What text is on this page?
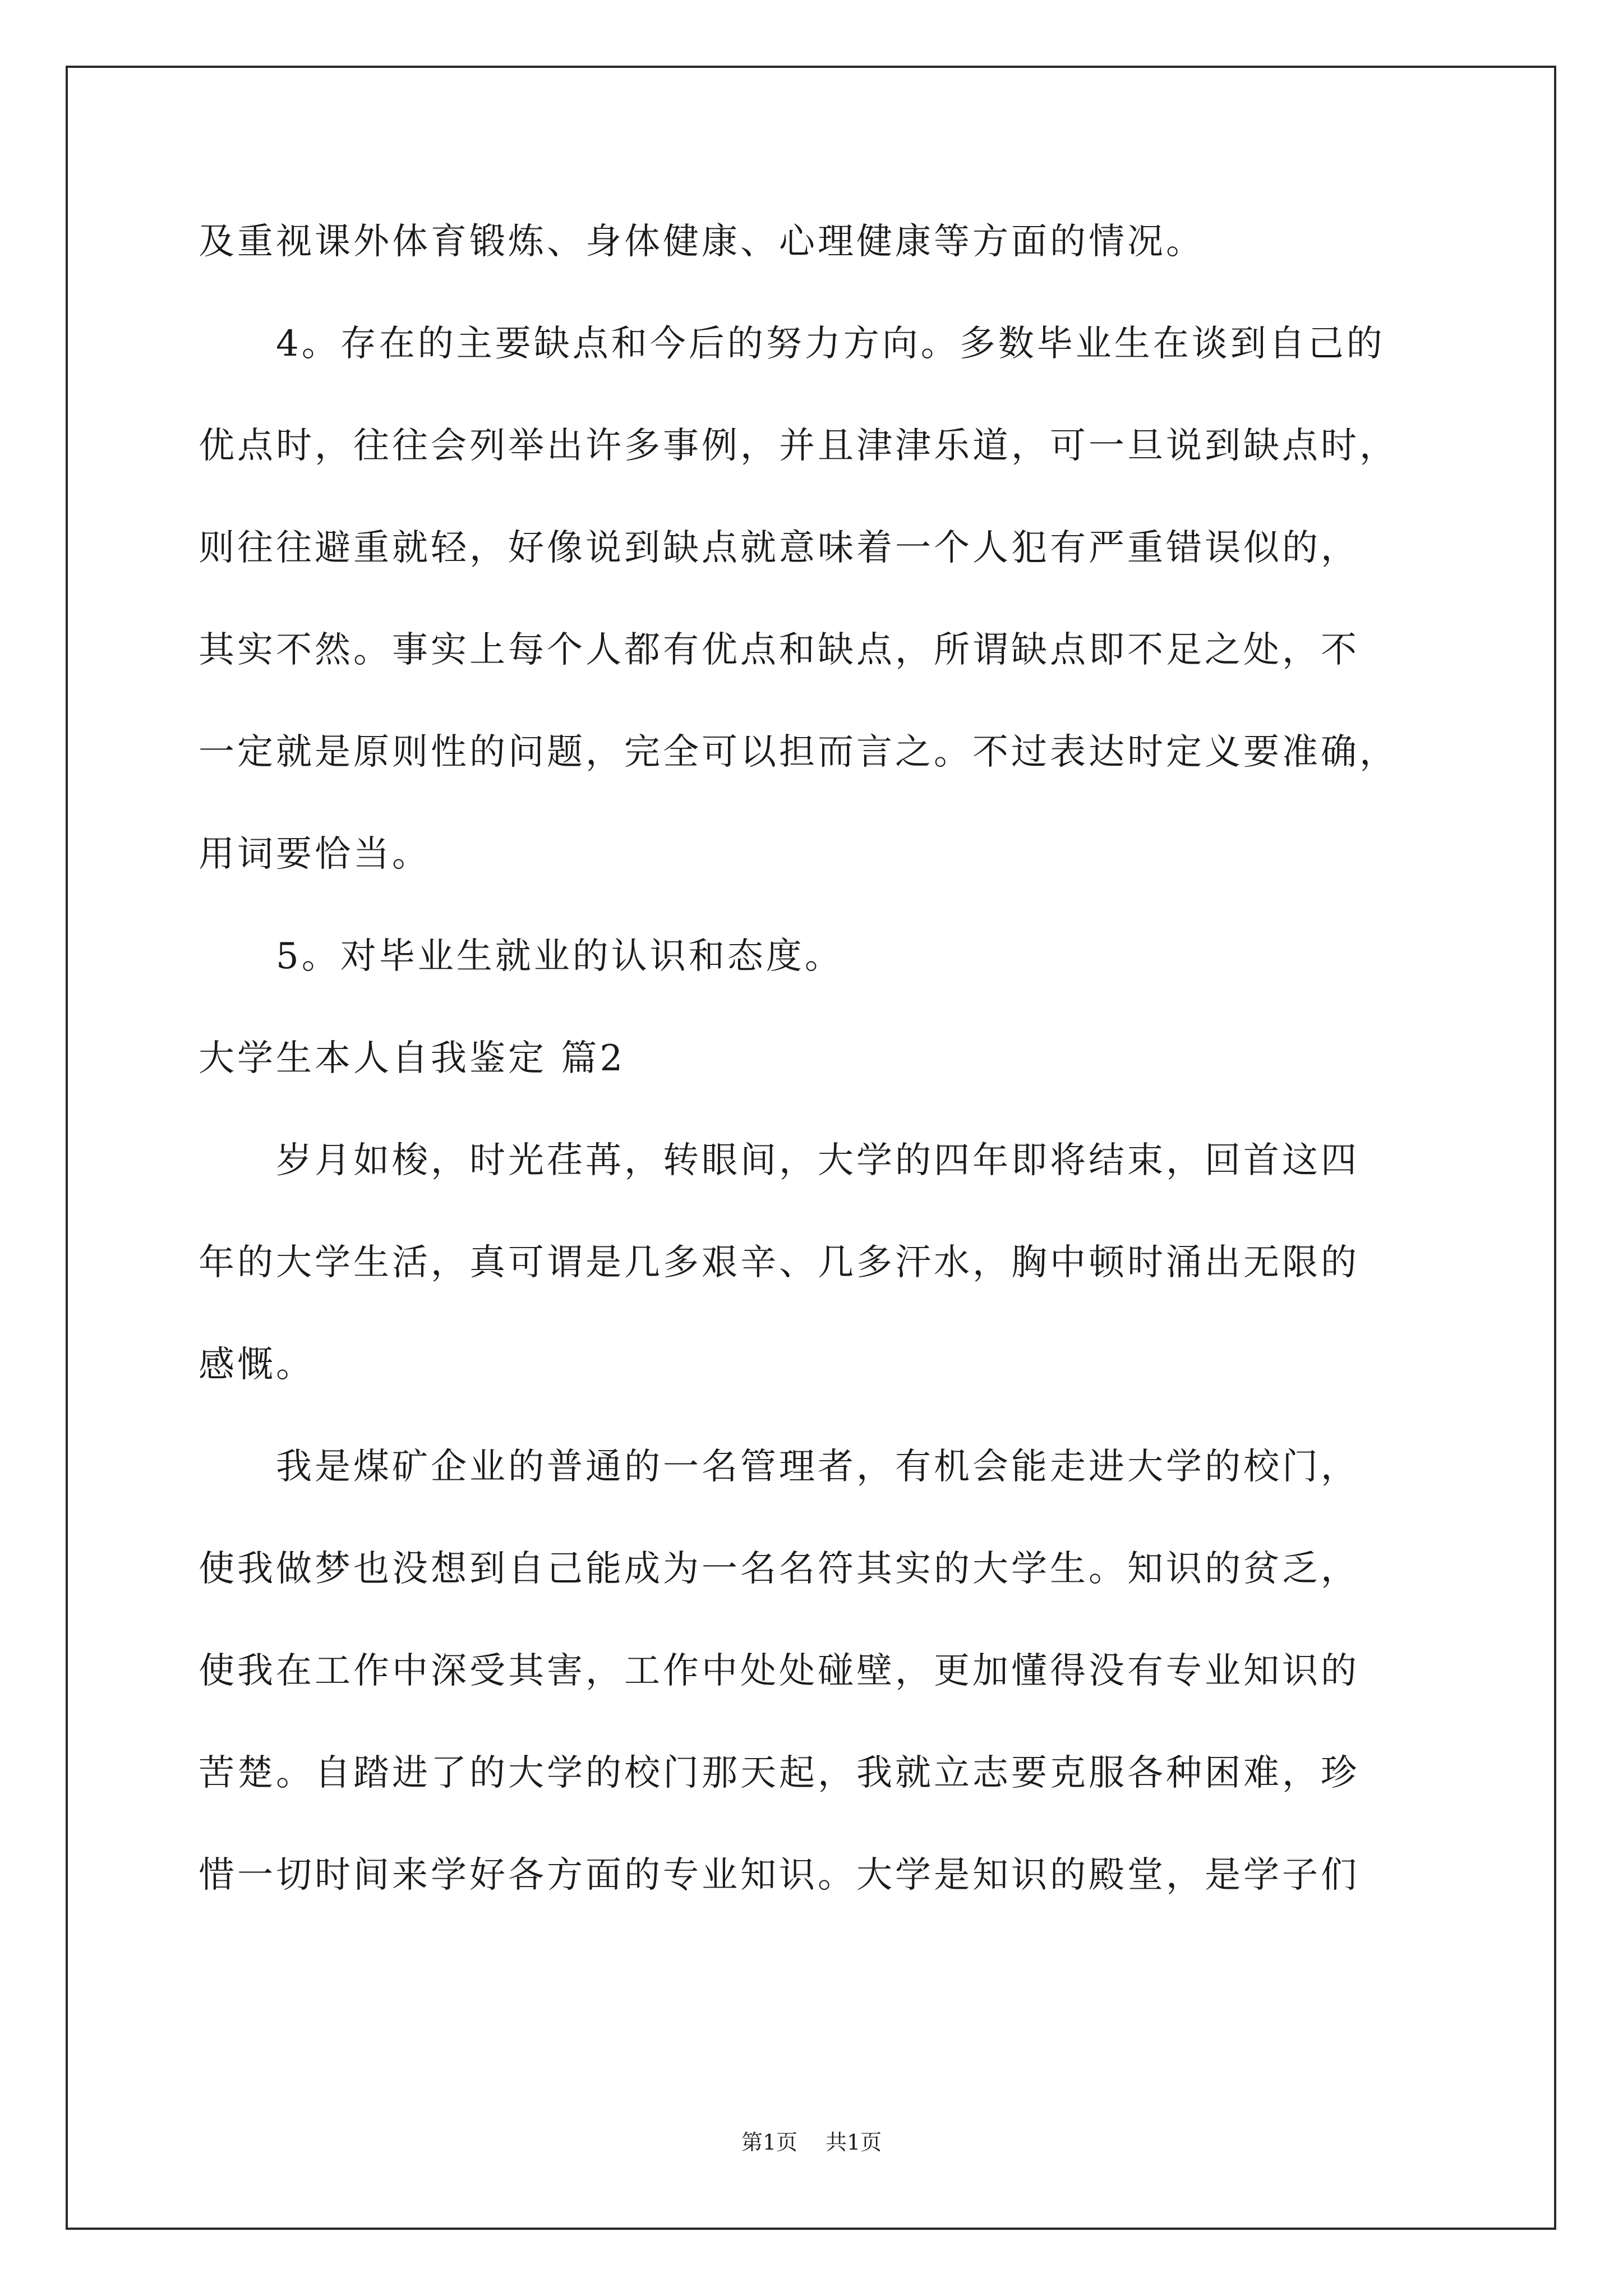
及重视课外体育锻炼、身体健康、心理健康等方面的情况。
　　4。存在的主要缺点和今后的努力方向。多数毕业生在谈到自己的
优点时，往往会列举出许多事例，并且津津乐道，可一旦说到缺点时，
则往往避重就轻，好像说到缺点就意味着一个人犯有严重错误似的，
其实不然。事实上每个人都有优点和缺点，所谓缺点即不足之处，不
一定就是原则性的问题，完全可以担而言之。不过表达时定义要准确，
用词要恰当。
　　5。对毕业生就业的认识和态度。
大学生本人自我鉴定 篇2
　　岁月如梭，时光荏苒，转眼间，大学的四年即将结束，回首这四
年的大学生活，真可谓是几多艰辛、几多汗水，胸中顿时涌出无限的
感慨。
　　我是煤矿企业的普通的一名管理者，有机会能走进大学的校门，
使我做梦也没想到自己能成为一名名符其实的大学生。知识的贫乏，
使我在工作中深受其害，工作中处处碰壁，更加懂得没有专业知识的
苦楚。自踏进了的大学的校门那天起，我就立志要克服各种困难，珍
惜一切时间来学好各方面的专业知识。大学是知识的殿堂，是学子们
第1页 共1页
